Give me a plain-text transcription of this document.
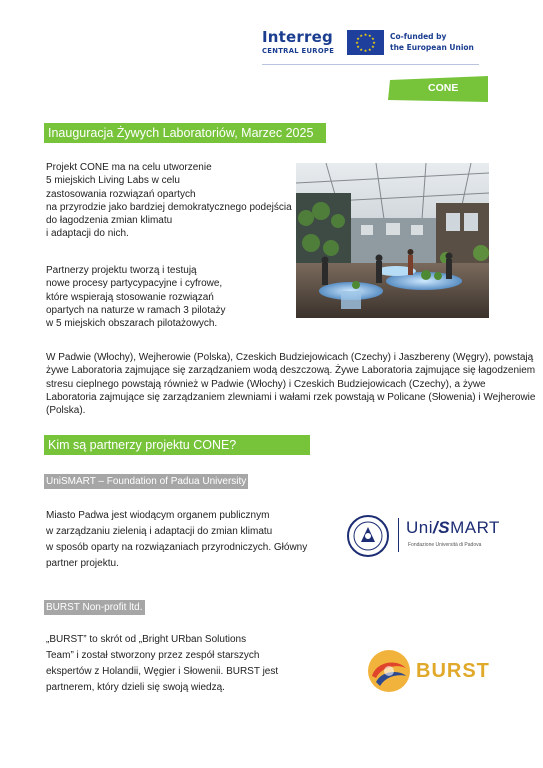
Interreg
CENTRAL EUROPE
★ ★
★
★
★
★
★
★
★
★
★
★	Co-funded by
the European Union
CONE
Inauguracja Żywych Laboratoriów, Marzec 2025
Projekt CONE ma na celu utworzenie
5 miejskich Living Labs w celu
zastosowania rozwiązań opartych
na przyrodzie jako bardziej demokratycznego podejścia
do łagodzenia zmian klimatu
i adaptacji do nich.
Partnerzy projektu tworzą i testują
nowe procesy partycypacyjne i cyfrowe,
które wspierają stosowanie rozwiązań
opartych na naturze w ramach 3 pilotaży
w 5 miejskich obszarach pilotażowych.
W Padwie (Włochy), Wejherowie (Polska), Czeskich Budziejowicach (Czechy) i Jaszbereny (Węgry), powstają
żywe Laboratoria zajmujące się zarządzaniem wodą deszczową. Żywe Laboratoria zajmujące się łagodzeniem
stresu cieplnego powstają również w Padwie (Włochy) i Czeskich Budziejowicach (Czechy), a żywe
Laboratoria zajmujące się zarządzaniem zlewniami i wałami rzek powstają w Policane (Słowenia) i Wejherowie
(Polska).
Kim są partnerzy projektu CONE?
UniSMART – Foundation of Padua University
Miasto Padwa jest wiodącym organem publicznym
w zarządzaniu zielenią i adaptacji do zmian klimatu
w sposób oparty na rozwiązaniach przyrodniczych. Główny
partner projektu.
Uni/SMART
Fondazione Università di Padova
BURST Non-profit ltd.
„BURST” to skrót od „Bright URban Solutions
Team” i został stworzony przez zespół starszych
ekspertów z Holandii, Węgier i Słowenii. BURST jest
partnerem, który dzieli się swoją wiedzą.
BURST
